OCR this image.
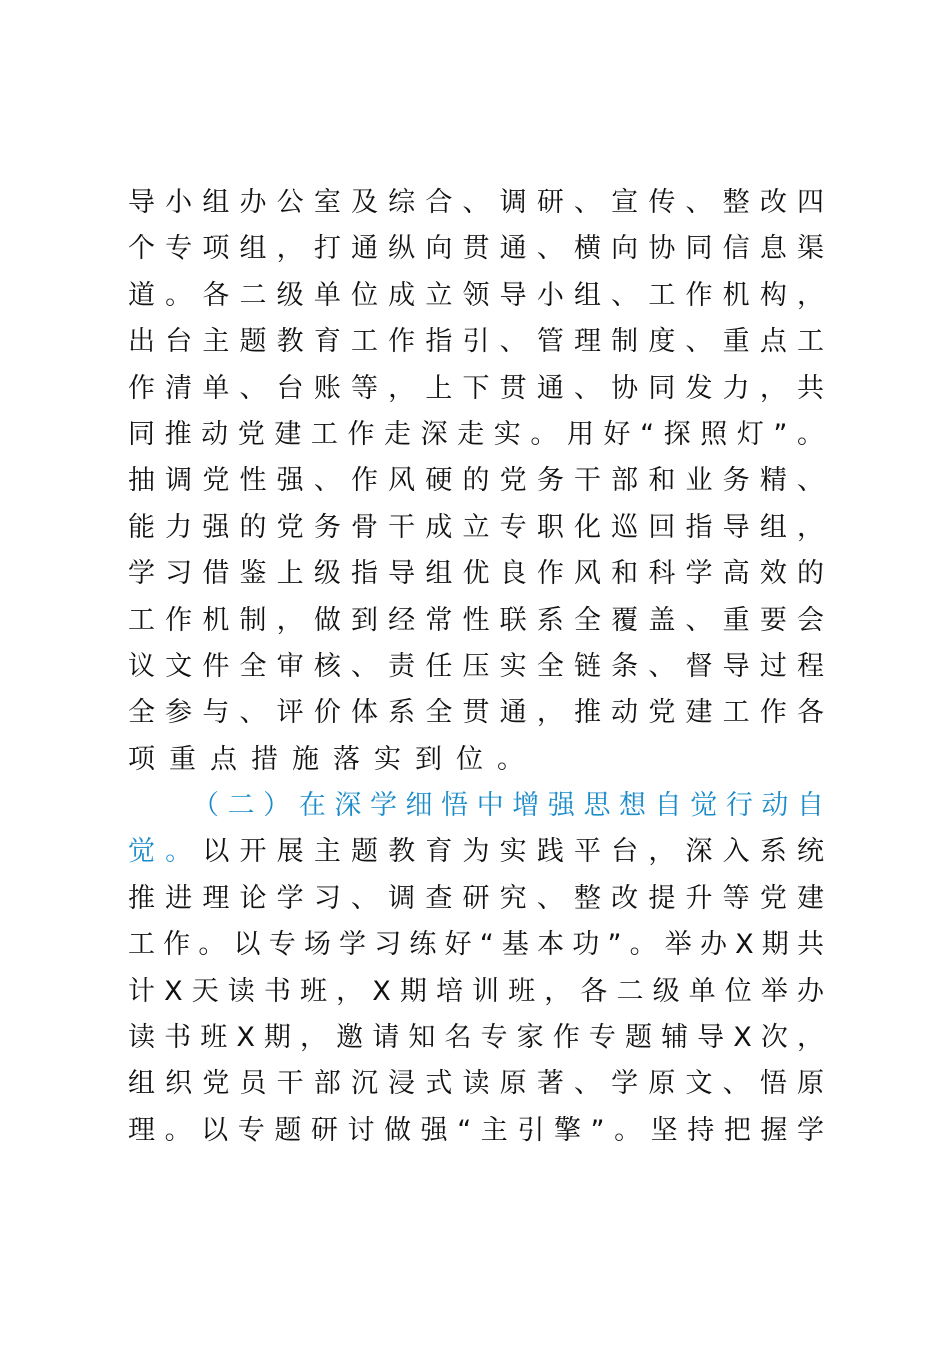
导小组办公室及综合、调研、宣传、整改四
个专项组，打通纵向贯通、横向协同信息渠
道。各二级单位成立领导小组、工作机构，
出台主题教育工作指引、管理制度、重点工
作清单、台账等，上下贯通、协同发力，共
同推动党建工作走深走实。用好“探照灯”。
抽调党性强、作风硬的党务干部和业务精、
能力强的党务骨干成立专职化巡回指导组，
学习借鉴上级指导组优良作风和科学高效的
工作机制，做到经常性联系全覆盖、重要会
议文件全审核、责任压实全链条、督导过程
全参与、评价体系全贯通，推动党建工作各
项重点措施落实到位。
（二）在深学细悟中增强思想自觉行动自
觉。以开展主题教育为实践平台，深入系统
推进理论学习、调查研究、整改提升等党建
工作。以专场学习练好“基本功”。举办X期共
计X天读书班，X期培训班，各二级单位举办
读书班X期，邀请知名专家作专题辅导X次，
组织党员干部沉浸式读原著、学原文、悟原
理。以专题研讨做强“主引擎”。坚持把握学
